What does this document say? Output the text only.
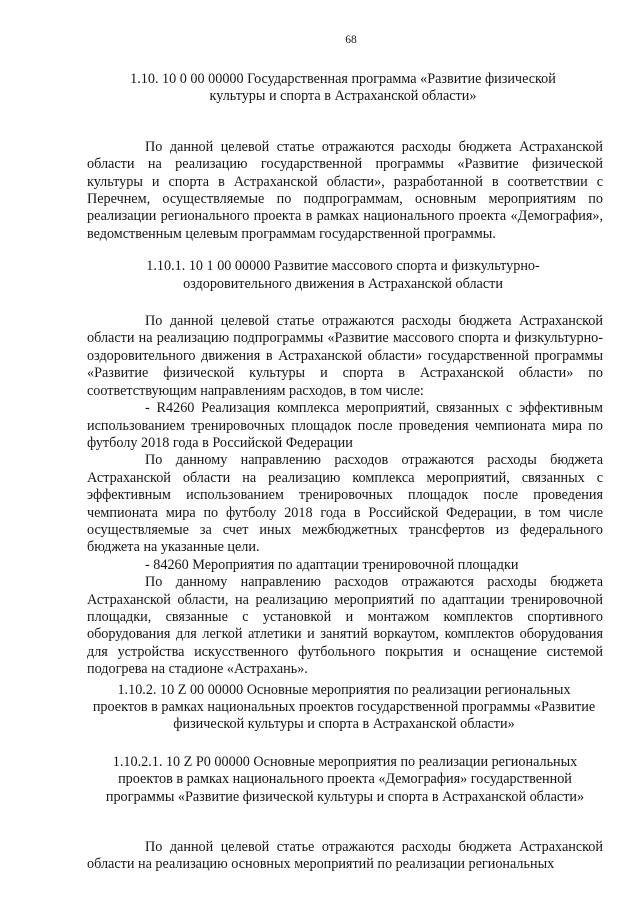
68
1.10. 10 0 00 00000 Государственная программа «Развитие физической культуры и спорта в Астраханской области»

По данной целевой статье отражаются расходы бюджета Астраханской области на реализацию государственной программы «Развитие физической культуры и спорта в Астраханской области», разработанной в соответствии с Перечнем, осуществляемые по подпрограммам, основным мероприятиям по реализации регионального проекта в рамках национального проекта «Демография», ведомственным целевым программам государственной программы.

1.10.1. 10 1 00 00000 Развитие массового спорта и физкультурно-оздоровительного движения в Астраханской области

По данной целевой статье отражаются расходы бюджета Астраханской области на реализацию подпрограммы «Развитие массового спорта и физкультурно-оздоровительного движения в Астраханской области» государственной программы «Развитие физической культуры и спорта в Астраханской области» по соответствующим направлениям расходов, в том числе:

- R4260 Реализация комплекса мероприятий, связанных с эффективным использованием тренировочных площадок после проведения чемпионата мира по футболу 2018 года в Российской Федерации

По данному направлению расходов отражаются расходы бюджета Астраханской области на реализацию комплекса мероприятий, связанных с эффективным использованием тренировочных площадок после проведения чемпионата мира по футболу 2018 года в Российской Федерации, в том числе осуществляемые за счет иных межбюджетных трансфертов из федерального бюджета на указанные цели.

- 84260 Мероприятия по адаптации тренировочной площадки

По данному направлению расходов отражаются расходы бюджета Астраханской области, на реализацию мероприятий по адаптации тренировочной площадки, связанные с установкой и монтажом комплектов спортивного оборудования для легкой атлетики и занятий воркаутом, комплектов оборудования для устройства искусственного футбольного покрытия и оснащение системой подогрева на стадионе «Астрахань».

1.10.2. 10 Z 00 00000 Основные мероприятия по реализации региональных проектов в рамках национальных проектов государственной программы «Развитие физической культуры и спорта в Астраханской области»
1.10.2.1. 10 Z P0 00000 Основные мероприятия по реализации региональных проектов в рамках национального проекта «Демография» государственной программы «Развитие физической культуры и спорта в Астраханской области»

По данной целевой статье отражаются расходы бюджета Астраханской области на реализацию основных мероприятий по реализации региональных
